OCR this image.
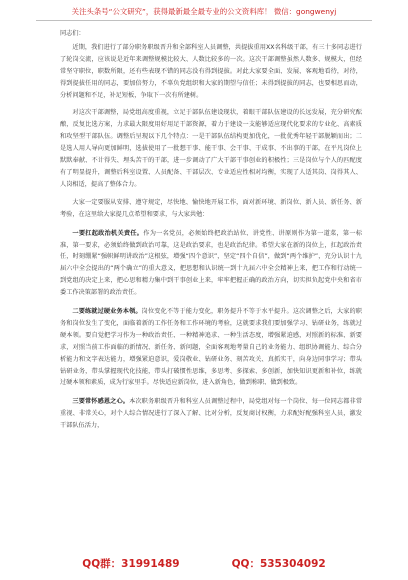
关注头条号“公文研究”，获得最新最全最专业的公文资料库！ 微信：gongwenyj

同志们：

近期，我们进行了部分职务职级晋升和全部科室人员调整，共提拔重用XX名科级干部，有三十多同志进行了轮岗交流，应该说是近年来调整规模比较大、人数比较多的一次。这次干部调整虽然人数多、规模大，但经常坚守职位，职数所限，还有些表现不错的同志没有得到提拔。对此大家要全面、发展、客观地看待，对待，得到提拔任用的同志，要加倍努力，不辜负党组织和大家的期望与信任；未得到提拔的同志，也要相思而动，分析问题和不足，补足短板，争取下一次有所建树。

对这次干部调整，局党组高度重视，立足于部队伍建设现状，着眼干部队伍建设的长远发展，充分研究酝酿，反复比选方案，力求最大限度用好用足干部资源，着力于建设一支能够适应现代化要求的专业化、高素质和攻坚型干部队伍。调整后呈现以下几个特点：一是干部队伍结构更加优化，一批优秀年轻干部脱颖而出；二是选人用人导向更加鲜明，选拔使用了一批想干事、能干事、会干事、干成事、不出事的干部，在平凡岗位上默默奉献、不计得失、埋头苦干的干部，进一步调动了广大干部干事创业的积极性；三是岗位与个人的匹配度有了明显提升，调整后科室设置、人员配备、干部层次、专业适应性相对均衡，实现了人适其岗、岗得其人、人岗相适，提高了整体合力。

大家一定要服从安排、遵守规定，尽快地、愉快地开展工作，面对新环境、新岗位、新人员、新任务、新考验，在这里给大家提几点希望和要求，与大家共勉：

一要扛起政治机关责任。作为一名党员，必须始终把政治站位、讲党性、讲原则作为第一道菜，第一标准，第一要求，必须始终做到政治可靠，这是政治要求，也是政治纪律。希望大家在新的岗位上，扛起政治责任，时刻绷紧“强帜鲜明讲政治”这根弦，增强“四个意识”，坚定“四个自信”，做到“两个维护”，充分认识十九届六中全会提出的“两个确立”的重大意义，把思想和认识统一到十九届六中全会精神上来，把工作和行动统一到党组的决定上来，把心思和精力集中到干事创业上来，牢牢把握正确的政治方向，切实担负起党中央和省市委工作决策部署的政治责任。

二要练就过硬业务本领。岗位变化不等于能力变化，职务提升不等于水平提升。这次调整之后，大家的职务和岗位发生了变化，面临着新的工作任务和工作环境的考验，这就要求我们要加强学习、钻研业务，练就过硬本领。要自觉把学习作为一种政治责任、一种精神追求、一种生活态度，增强紧迫感，对照新的标准、新要求，对照当前工作面临的新情况、新任务、新问题，全面客观地考量自己的业务能力、组织协调能力、综合分析能力和文字表达能力，增强紧迫意识，爱岗敬业、钻研业务、刻苦攻关、真抓实干，向身边同事学习；带头钻研业务，带头掌握现代化技能，带头打破惯性思维，多思考、多探索、多创新，加快知识更新和补位，练就过硬本领和素质，成为行家里手。尽快适应新岗位，进入新角色，做到称职、做到极致。

三要常怀感恩之心。本次职务职级晋升和科室人员调整过程中，局党组对每一个岗位、每一位同志都非常重视、非常关心，对个人综合情况进行了深入了解、比对分析，反复商讨权衡，力求配好配强科室人员，激发干部队伍活力，

QQ群：31991489	QQ：535304092
